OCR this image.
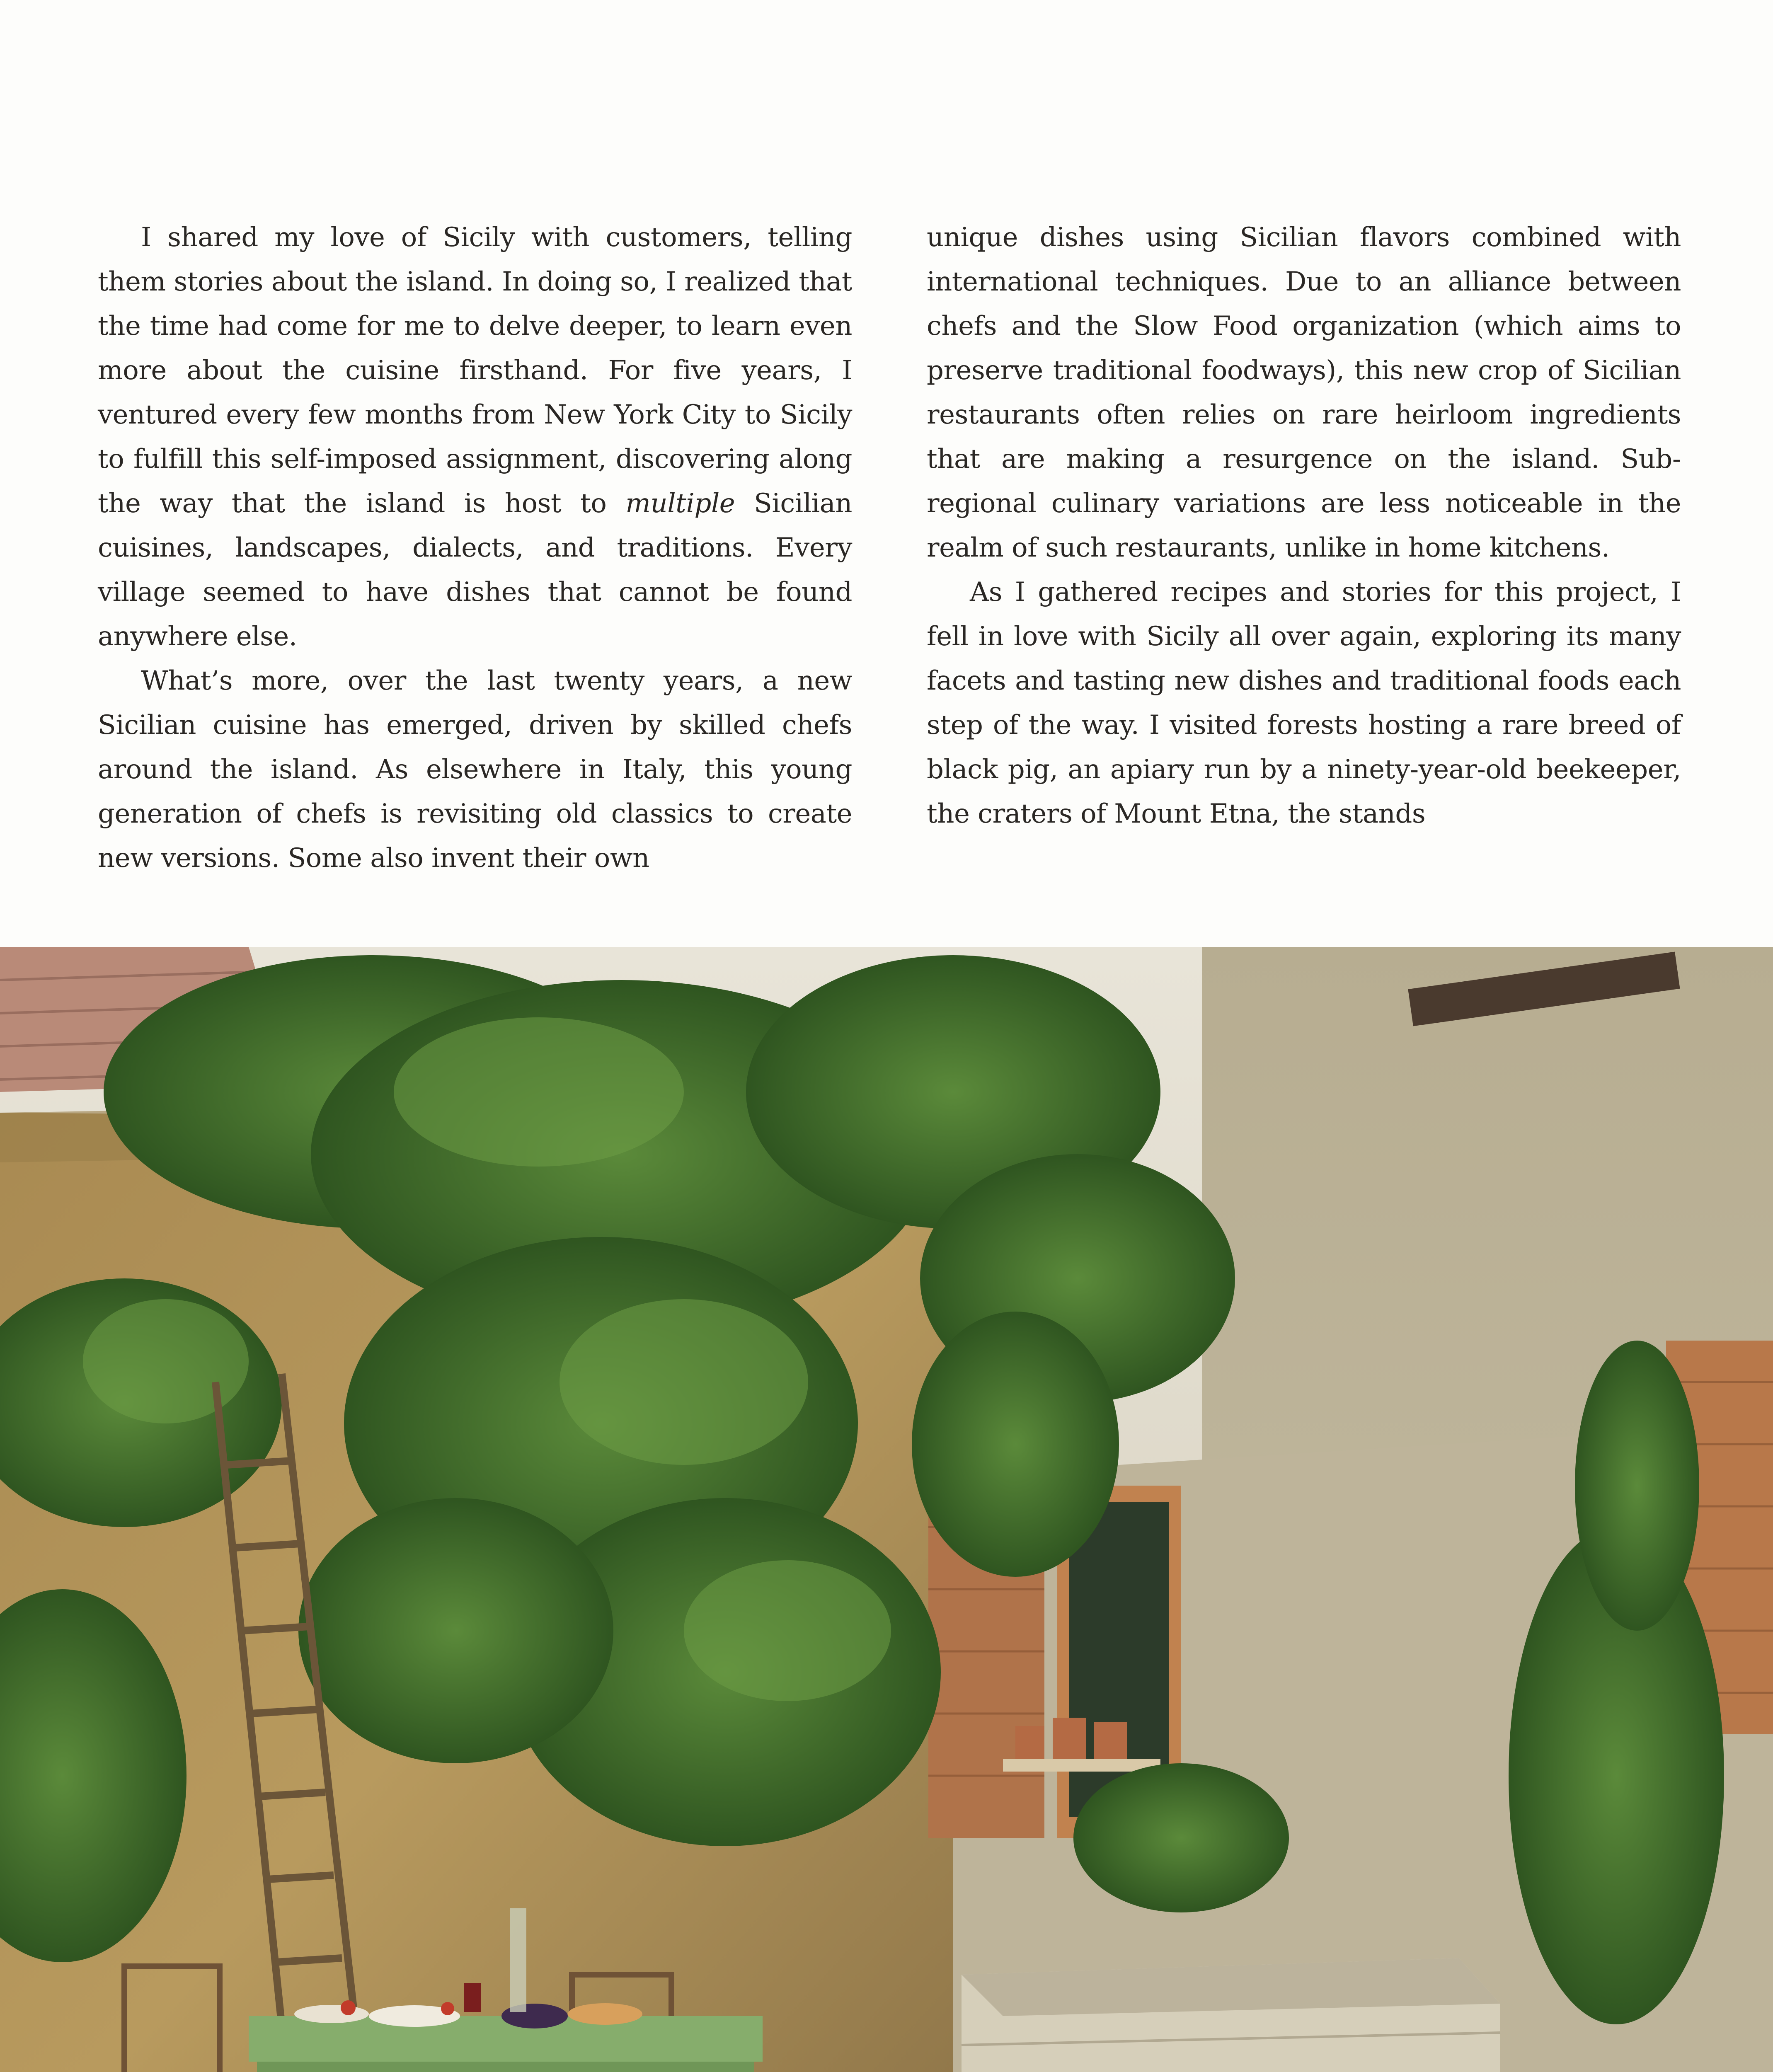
I shared my love of Sicily with customers, telling them stories about the island. In doing so, I realized that the time had come for me to delve deeper, to learn even more about the cuisine firsthand. For five years, I ventured every few months from New York City to Sicily to fulfill this self-imposed assignment, discovering along the way that the island is host to multiple Sicilian cuisines, landscapes, dialects, and traditions. Every village seemed to have dishes that cannot be found anywhere else.

What’s more, over the last twenty years, a new Sicilian cuisine has emerged, driven by skilled chefs around the island. As elsewhere in Italy, this young generation of chefs is revisiting old classics to create new versions. Some also invent their own

unique dishes using Sicilian flavors combined with international techniques. Due to an alliance between chefs and the Slow Food organization (which aims to preserve traditional foodways), this new crop of Sicilian restaurants often relies on rare heirloom ingredients that are making a resurgence on the island. Sub-regional culinary variations are less noticeable in the realm of such restaurants, unlike in home kitchens.

As I gathered recipes and stories for this project, I fell in love with Sicily all over again, exploring its many facets and tasting new dishes and traditional foods each step of the way. I visited forests hosting a rare breed of black pig, an apiary run by a ninety-year-old beekeeper, the craters of Mount Etna, the stands
